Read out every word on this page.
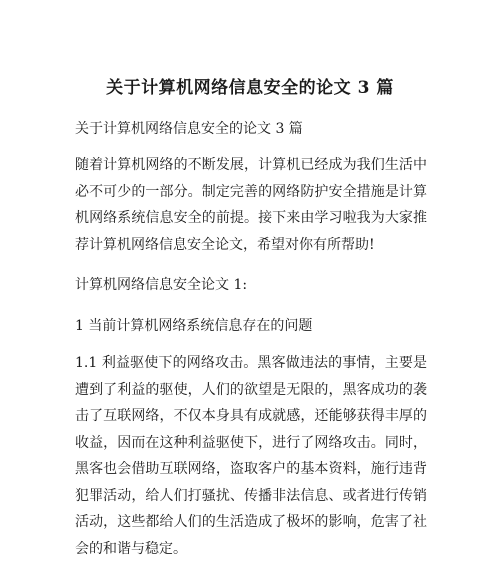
关于计算机网络信息安全的论文 3 篇

关于计算机网络信息安全的论文 3 篇

随着计算机网络的不断发展，计算机已经成为我们生活中必不可少的一部分。制定完善的网络防护安全措施是计算机网络系统信息安全的前提。接下来由学习啦我为大家推荐计算机网络信息安全论文，希望对你有所帮助!

计算机网络信息安全论文 1:

1 当前计算机网络系统信息存在的问题

1.1 利益驱使下的网络攻击。黑客做违法的事情，主要是遭到了利益的驱使，人们的欲望是无限的，黑客成功的袭击了互联网络，不仅本身具有成就感，还能够获得丰厚的收益，因而在这种利益驱使下，进行了网络攻击。同时，黑客也会借助互联网络，盗取客户的基本资料，施行违背犯罪活动，给人们打骚扰、传播非法信息、或者进行传销活动，这些都给人们的生活造成了极坏的影响，危害了社会的和谐与稳定。
